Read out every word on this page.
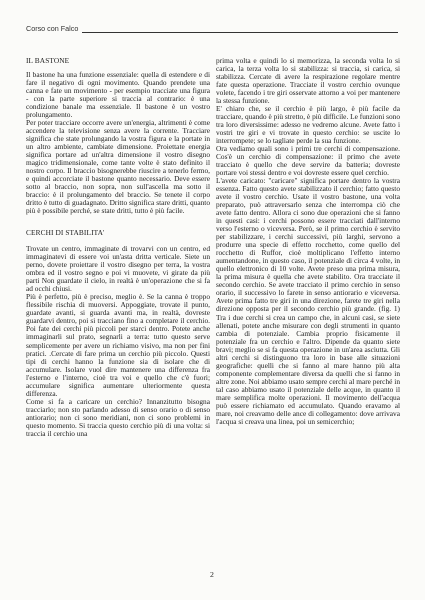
Corso con Falco
IL BASTONE

Il bastone ha una funzione essenziale: quella di estendere e di fare il negativo di ogni movimento. Quando prendete una canna e fate un movimento - per esempio tracciate una figura - con la parte superiore si traccia al contrario: è una condizione banale ma essenziale. Il bastone è un vostro prolungamento.

Per poter tracciare occorre avere un'energia, altrimenti è come accendere la televisione senza avere la corrente. Tracciare significa che state prolungando la vostra figura e la portate in un altro ambiente, cambiate dimensione. Proiettate energia significa portare ad un'altra dimensione il vostro disegno magico tridimensionale, come tante volte è stato definito il nostro corpo. Il braccio bisognerebbe riuscire a tenerlo fermo, e quindi accorciate il bastone quanto necessario. Deve essere sotto al braccio, non sopra, non sull'ascella ma sotto il braccio: è il prolungamento del braccio. Se tenete il corpo dritto è tutto di guadagnato. Dritto significa stare dritti, quanto più è possibile perché, se state dritti, tutto è più facile.

CERCHI DI STABILITA'

Trovate un centro, immaginate di trovarvi con un centro, ed immaginatevi di essere voi un'asta dritta verticale. Siete un perno, dovete proiettare il vostro disegno per terra, la vostra ombra ed il vostro segno e poi vi muovete, vi girate da più parti Non guardate il cielo, in realtà è un'operazione che si fa ad occhi chiusi.

Più è perfetto, più è preciso, meglio è. Se la canna è troppo flessibile rischia di muoversi. Appoggiate, trovate il punto, guardate avanti, si guarda avanti ma, in realtà, dovreste guardarvi dentro, poi si tracciano fino a completare il cerchio. Poi fate dei cerchi più piccoli per starci dentro. Potete anche immaginarli sul prato, segnarli a terra: tutto questo serve semplicemente per avere un richiamo visivo, ma non per fini pratici. .Cercate di fare prima un cerchio più piccolo. Questi tipi di cerchi hanno la funzione sia di isolare che di accumulare. Isolare vuol dire mantenere una differenza fra l'esterno e l'interno, cioè tra voi e quello che c'è fuori; accumulare significa aumentare ulteriormente questa differenza.

Come si fa a caricare un cerchio? Innanzitutto bisogna tracciarlo; non sto parlando adesso di senso orario o di senso antiorario; non ci sono meridiani, non ci sono problemi in questo momento. Si traccia questo cerchio più di una volta: si traccia il cerchio una

prima volta e quindi lo si memorizza, la seconda volta lo si carica, la terza volta lo si stabilizza: si traccia, si carica, si stabilizza. Cercate di avere la respirazione regolare mentre fate questa operazione. Tracciate il vostro cerchio ovunque volete, facendo i tre giri osservate attorno a voi per mantenere la stessa funzione.

E' chiaro che, se il cerchio è più largo, è più facile da tracciare, quando è più stretto, è più difficile. Le funzioni sono tra loro diversissime: adesso ne vedremo alcune. Avete fatto i vostri tre giri e vi trovate in questo cerchio: se uscite lo interrompete; se lo tagliate perde la sua funzione.

Ora vediamo quali sono i primi tre cerchi di compensazione. Cos'è un cerchio di compensazione: il primo che avete tracciato è quello che deve servire da batteria; dovreste portare voi stessi dentro e voi dovreste essere quel cerchio.

L'avete caricato: "caricare" significa portare dentro la vostra essenza. Fatto questo avete stabilizzato il cerchio; fatto questo avete il vostro cerchio. Usate il vostro bastone, una volta preparato, può attraversarlo senza che interrompa ciò che avete fatto dentro. Allora ci sono due operazioni che si fanno in questi casi: i cerchi possono essere tracciati dall'interno verso l'esterno o viceversa. Però, se il primo cerchio è servito per stabilizzare, i cerchi successivi, più larghi, servono a produrre una specie di effetto rocchetto, come quello del rocchetto di Ruffor, cioè moltiplicano l'effetto interno aumentandone, in questo caso, il potenziale di circa 4 volte, in quello elettronico di 10 volte. Avete preso una prima misura, la prima misura è quella che avete stabilito. Ora tracciate il secondo cerchio. Se avete tracciato il primo cerchio in senso orario, il successivo lo farete in senso antiorario e viceversa. Avete prima fatto tre giri in una direzione, farete tre giri nella direzione opposta per il secondo cerchio più grande. (fig. 1) Tra i due cerchi si crea un campo che, in alcuni casi, se siete allenati, potete anche misurare con degli strumenti in quanto cambia di potenziale. Cambia proprio fisicamente il potenziale fra un cerchio e l'altro. Dipende da quanto siete bravi; meglio se si fa questa operazione in un'area asciutta. Gli altri cerchi si distinguono tra loro in base alle situazioni geografiche: quelli che si fanno al mare hanno più alta componente complementare diversa da quelli che si fanno in altre zone. Noi abbiamo usato sempre cerchi al mare perché in tal caso abbiamo usato il potenziale delle acque, in quanto il mare semplifica molte operazioni. Il movimento dell'acqua può essere richiamato ed accumulato. Quando eravamo al mare, noi creavamo delle ance di collegamento: dove arrivava l'acqua si creava una linea, poi un semicerchio;

2
